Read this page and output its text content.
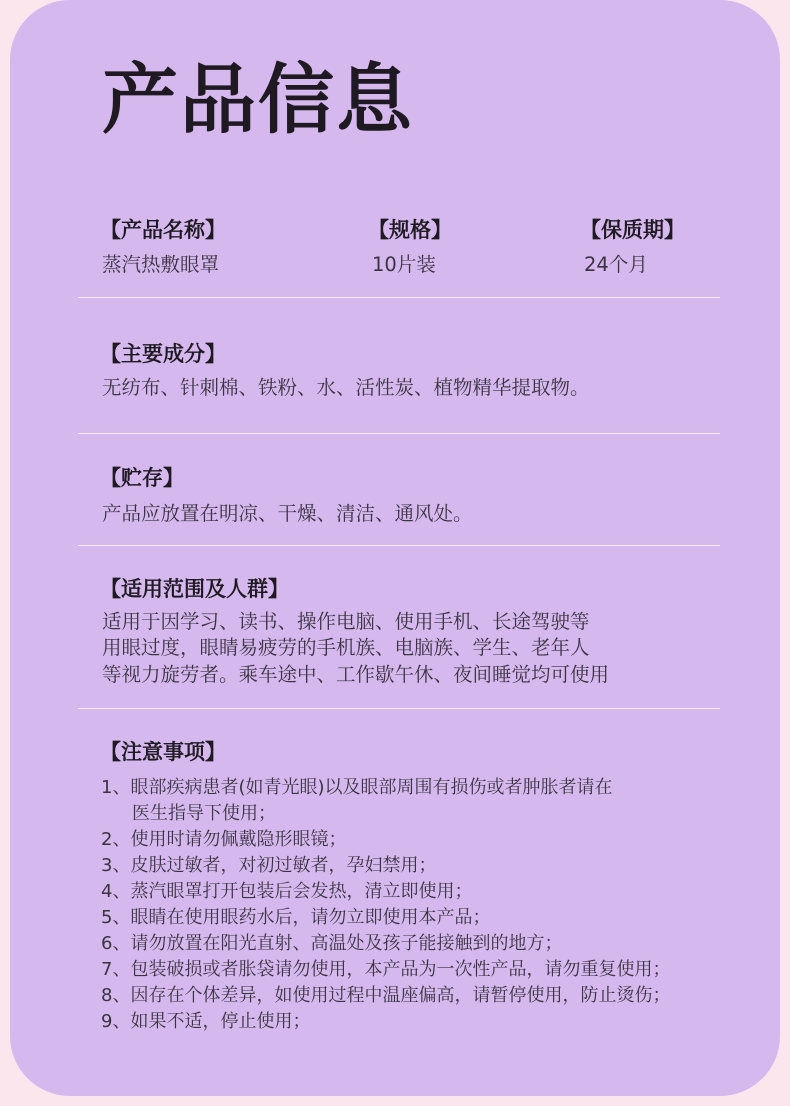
产品信息
【产品名称】
蒸汽热敷眼罩
【规格】
10片装
【保质期】
24个月
【主要成分】
无纺布、针刺棉、铁粉、水、活性炭、植物精华提取物。
【贮存】
产品应放置在明凉、干燥、清洁、通风处。
【适用范围及人群】
适用于因学习、读书、操作电脑、使用手机、长途驾驶等
用眼过度，眼睛易疲劳的手机族、电脑族、学生、老年人
等视力旋劳者。乘车途中、工作歇午休、夜间睡觉均可使用
【注意事项】
1、眼部疾病患者(如青光眼)以及眼部周围有损伤或者肿胀者请在
医生指导下使用；
2、使用时请勿佩戴隐形眼镜；
3、皮肤过敏者，对初过敏者，孕妇禁用；
4、蒸汽眼罩打开包装后会发热，清立即使用；
5、眼睛在使用眼药水后，请勿立即使用本产品；
6、请勿放置在阳光直射、高温处及孩子能接触到的地方；
7、包装破损或者胀袋请勿使用，本产品为一次性产品，请勿重复使用；
8、因存在个体差异，如使用过程中温座偏高，请暂停使用，防止烫伤；
9、如果不适，停止使用；
